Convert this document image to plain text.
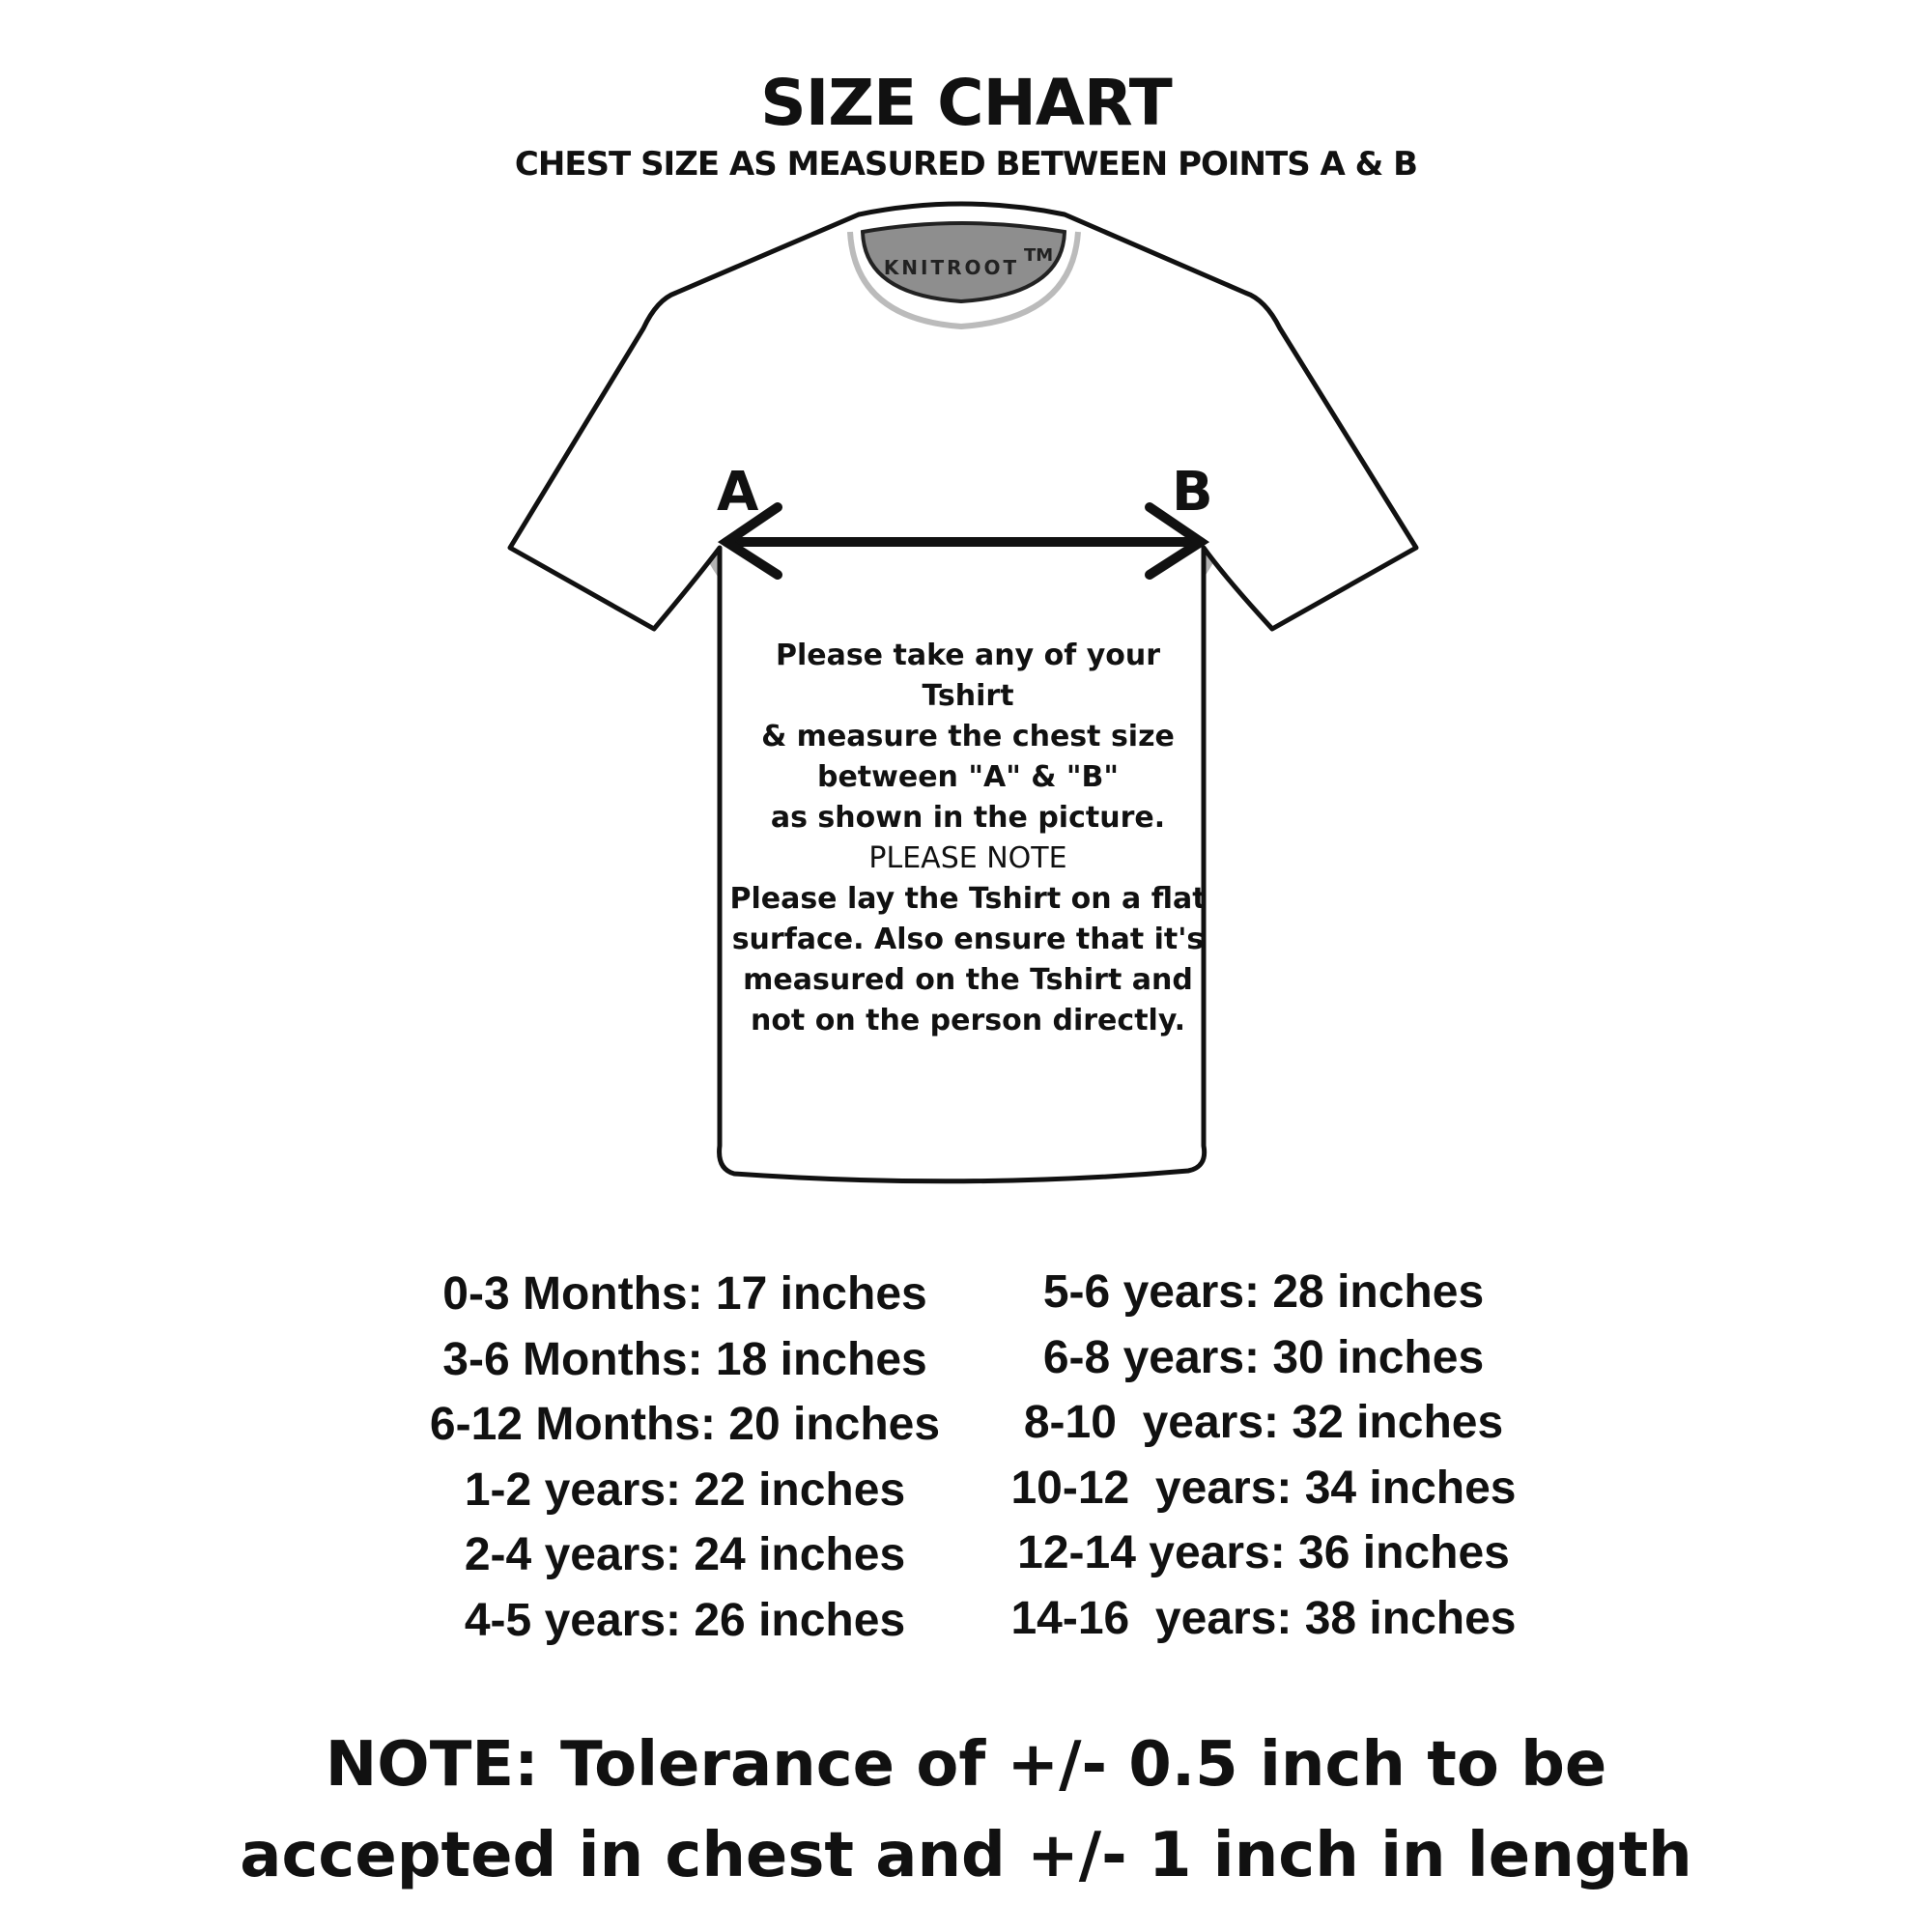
SIZE CHART
CHEST SIZE AS MEASURED BETWEEN POINTS A & B
KNITROOT
TM
A	B
Please take any of your Tshirt
& measure the chest size
between "A" & "B"
as shown in the picture.
PLEASE NOTE
Please lay the Tshirt on a flat
surface. Also ensure that it's
measured on the Tshirt and
not on the person directly.
0-3 Months: 17 inches
3-6 Months: 18 inches
6-12 Months: 20 inches
1-2 years: 22 inches
2-4 years: 24 inches
4-5 years: 26 inches
5-6 years: 28 inches
6-8 years: 30 inches
8-10  years: 32 inches
10-12  years: 34 inches
12-14 years: 36 inches
14-16  years: 38 inches
NOTE: Tolerance of +/- 0.5 inch to be
accepted in chest and +/- 1 inch in length
